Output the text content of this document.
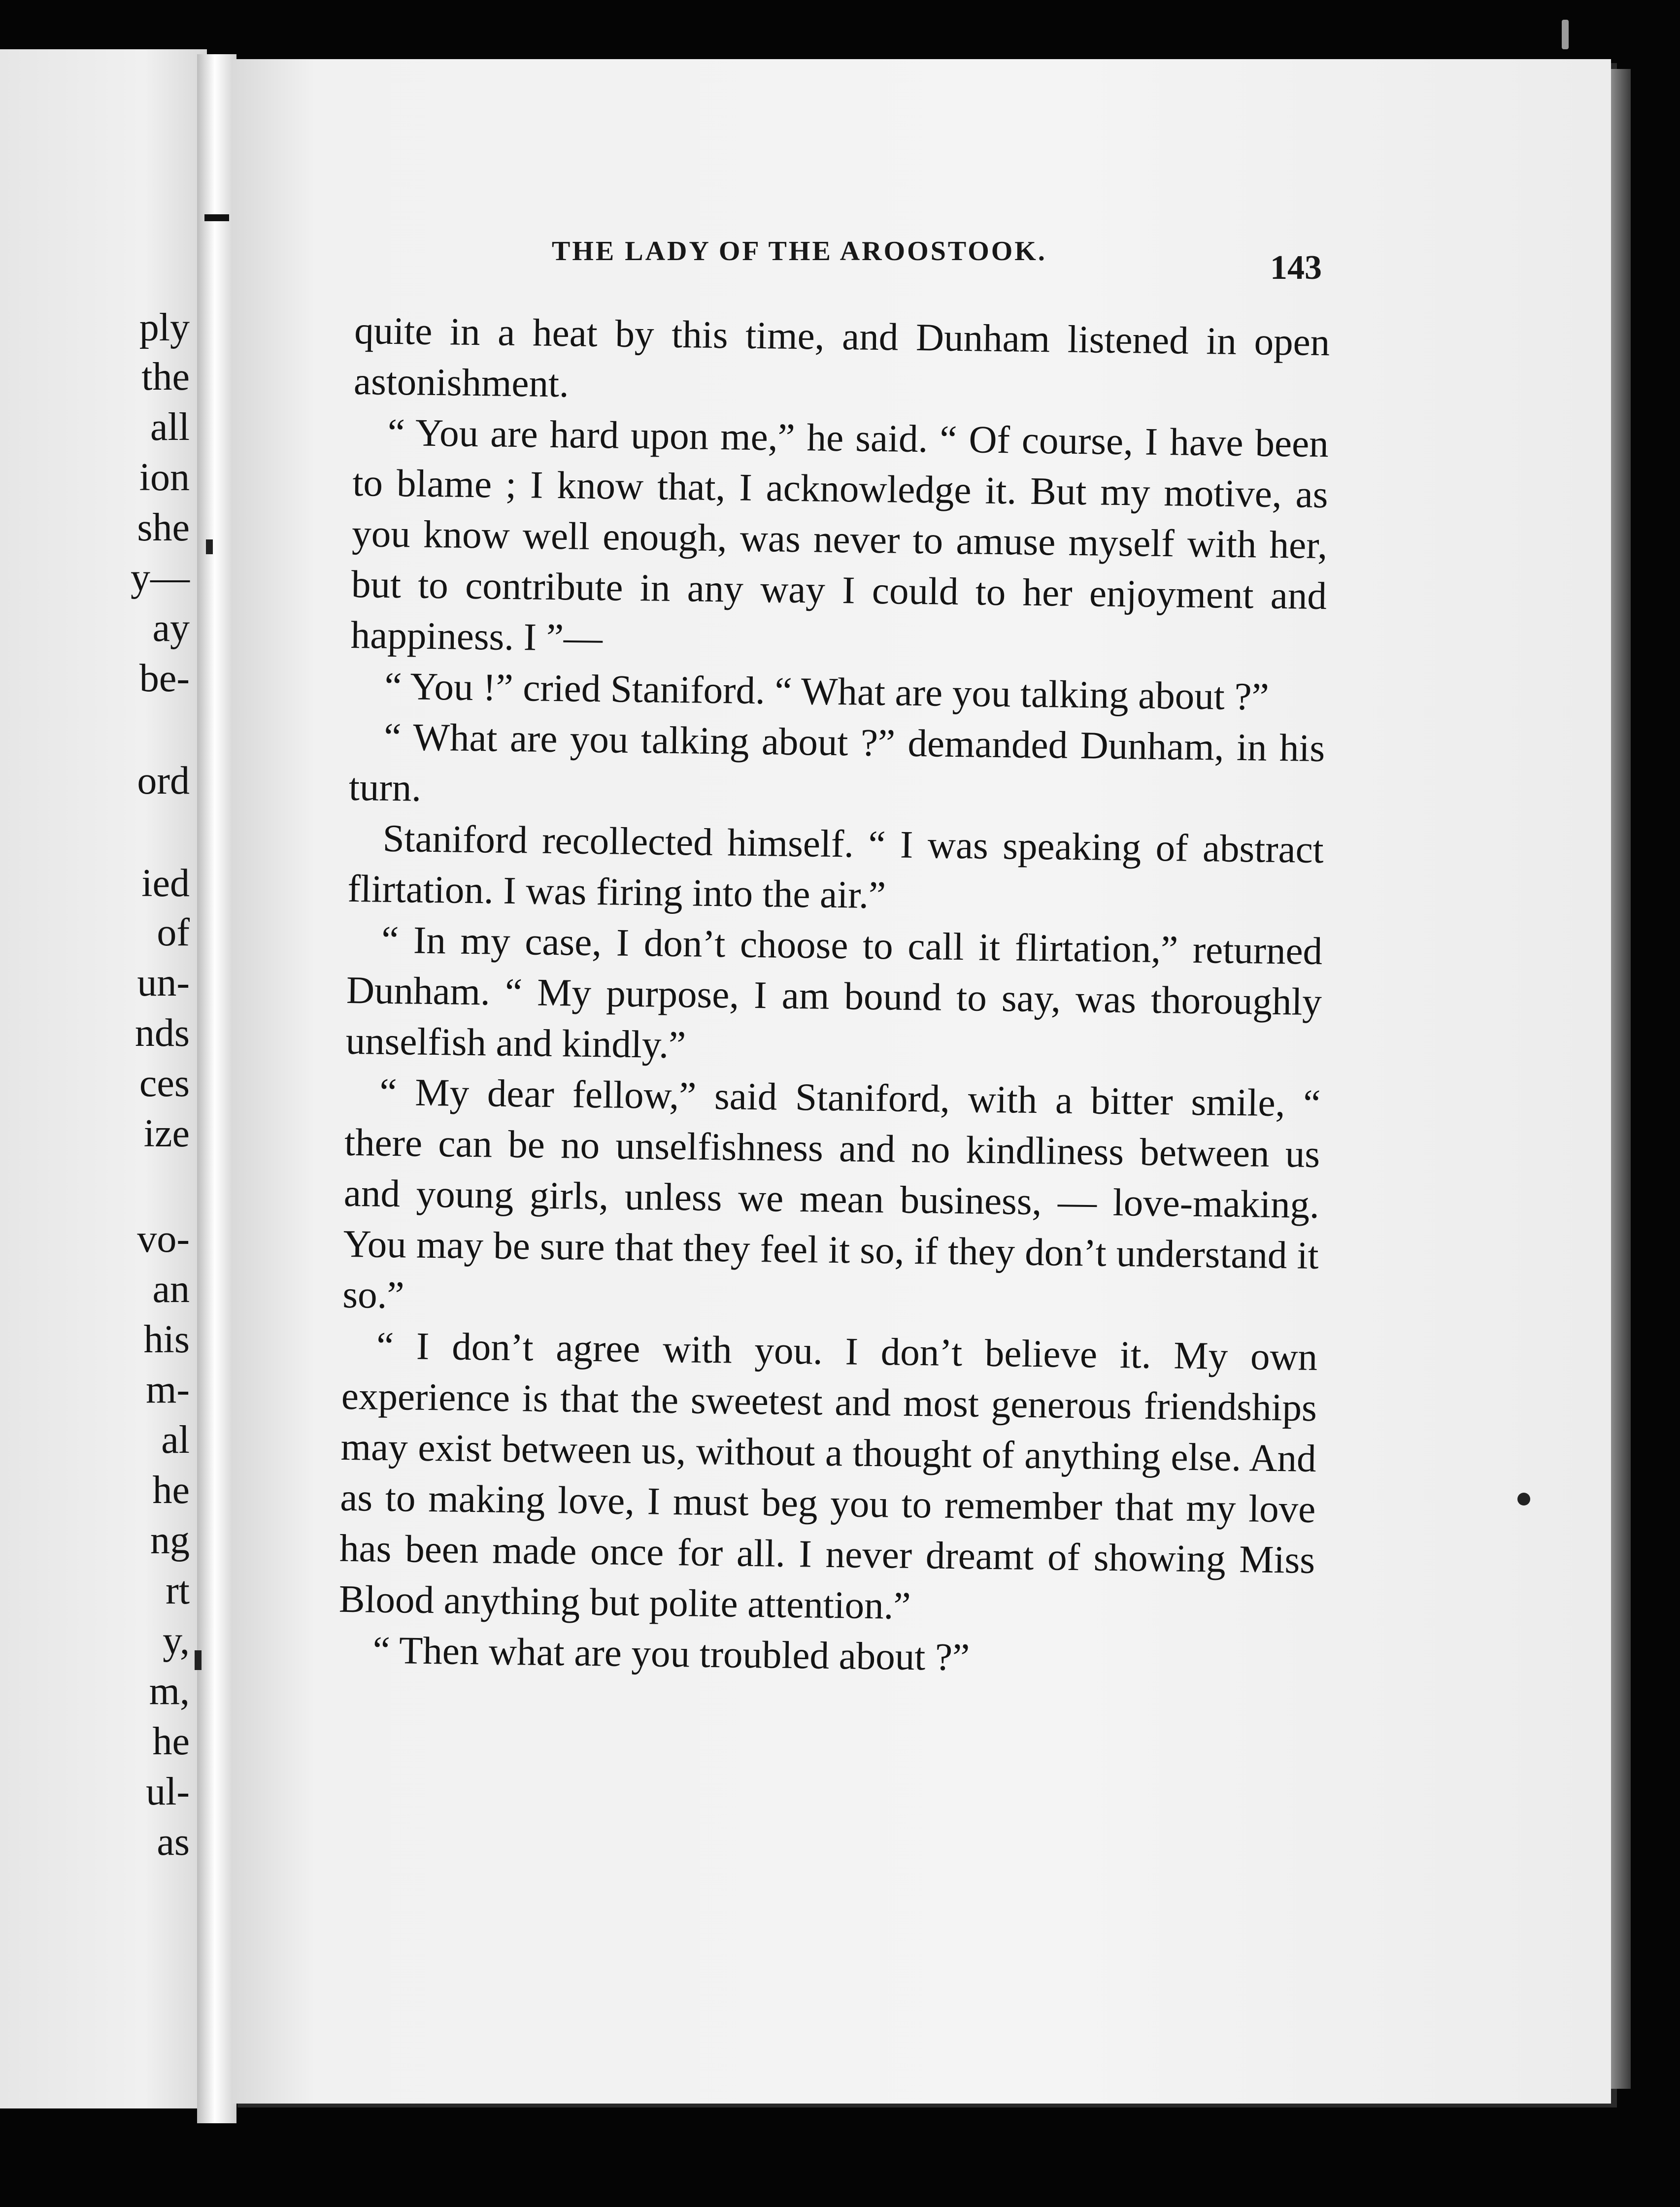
ply
the
all
ion
she
y—
ay
be-
ord
ied
of
un-
nds
ces
ize
vo-
an
his
m-
al
he
ng
rt
y,
m,
he
ul-
as
THE LADY OF THE AROOSTOOK.	143

quite in a heat by this time, and Dunham listened in open astonishment.

“ You are hard upon me,” he said. “ Of course, I have been to blame ; I know that, I acknowledge it. But my motive, as you know well enough, was never to amuse myself with her, but to contribute in any way I could to her enjoyment and happiness. I ”—

“ You !” cried Staniford. “ What are you talking about ?”

“ What are you talking about ?” demanded Dunham, in his turn.

Staniford recollected himself. “ I was speaking of abstract flirtation. I was firing into the air.”

“ In my case, I don’t choose to call it flirtation,” returned Dunham. “ My purpose, I am bound to say, was thoroughly unselfish and kindly.”

“ My dear fellow,” said Staniford, with a bitter smile, “ there can be no unselfishness and no kindliness between us and young girls, unless we mean business, — love-making. You may be sure that they feel it so, if they don’t understand it so.”

“ I don’t agree with you. I don’t believe it. My own experience is that the sweetest and most generous friendships may exist between us, without a thought of anything else. And as to making love, I must beg you to remember that my love has been made once for all. I never dreamt of showing Miss Blood anything but polite attention.”

“ Then what are you troubled about ?”
